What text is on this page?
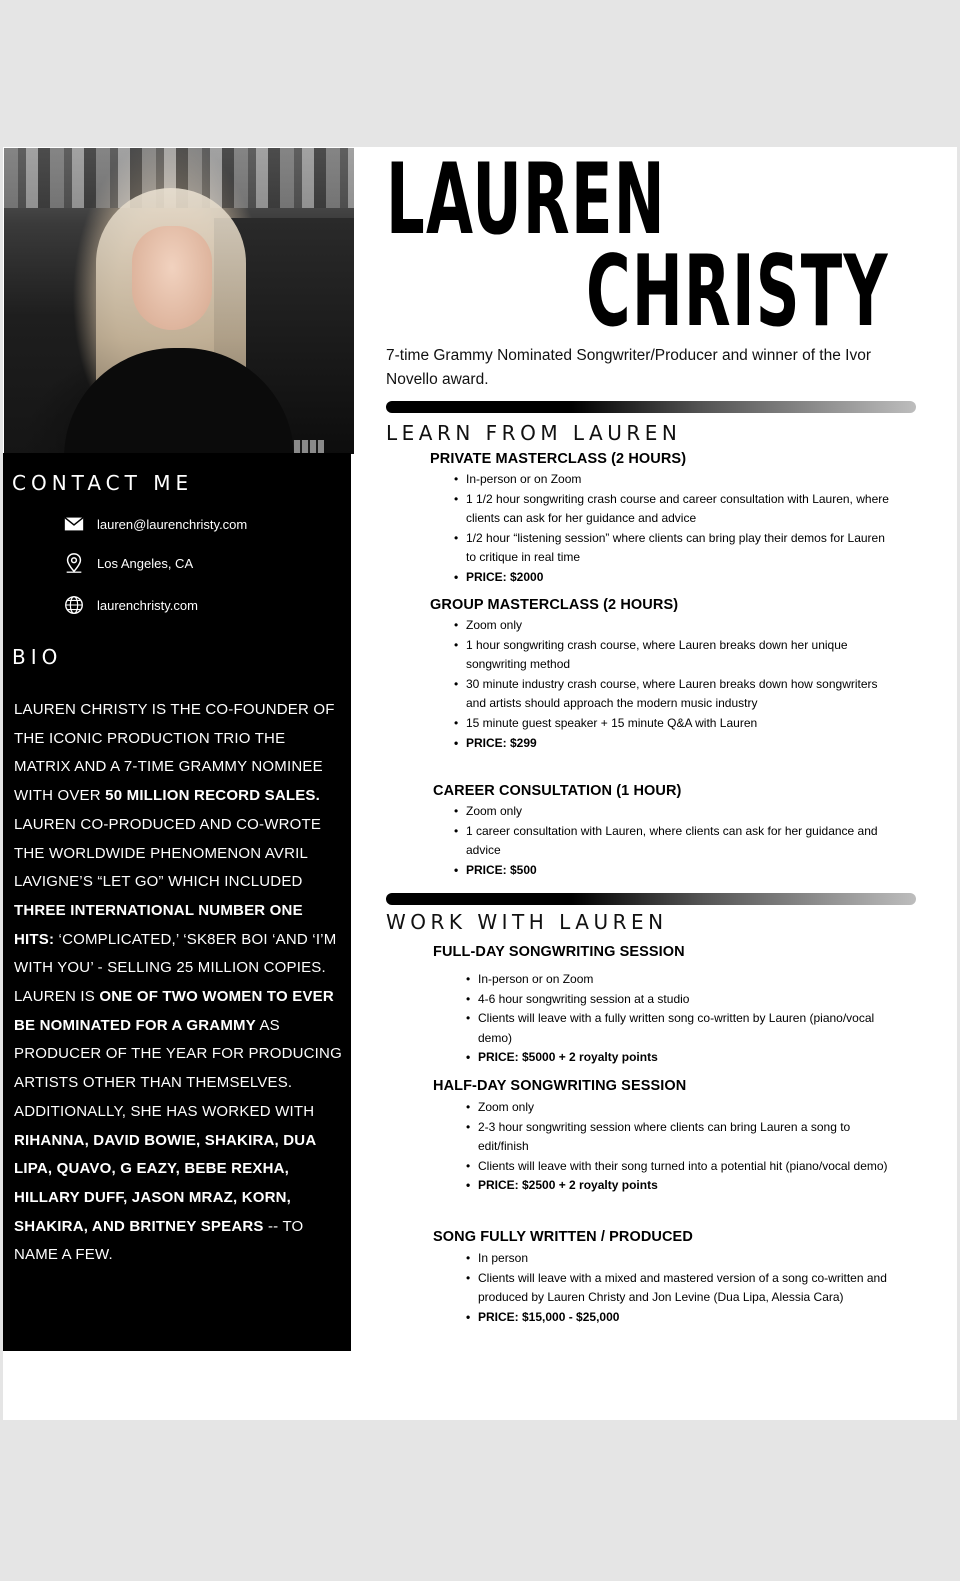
CONTACT ME
lauren@laurenchristy.com
Los Angeles, CA
laurenchristy.com
BIO
LAUREN CHRISTY IS THE CO-FOUNDER OF THE ICONIC PRODUCTION TRIO THE MATRIX AND A 7-TIME GRAMMY NOMINEE WITH OVER 50 MILLION RECORD SALES. LAUREN CO-PRODUCED AND CO-WROTE THE WORLDWIDE PHENOMENON AVRIL LAVIGNE’S “LET GO” WHICH INCLUDED THREE INTERNATIONAL NUMBER ONE HITS: ‘COMPLICATED,’ ‘SK8ER BOI ‘AND ‘I’M WITH YOU’ - SELLING 25 MILLION COPIES. LAUREN IS ONE OF TWO WOMEN TO EVER BE NOMINATED FOR A GRAMMY AS PRODUCER OF THE YEAR FOR PRODUCING ARTISTS OTHER THAN THEMSELVES. ADDITIONALLY, SHE HAS WORKED WITH RIHANNA, DAVID BOWIE, SHAKIRA, DUA LIPA, QUAVO, G EAZY, BEBE REXHA, HILLARY DUFF, JASON MRAZ, KORN, SHAKIRA, AND BRITNEY SPEARS -- TO NAME A FEW.
LAUREN
CHRISTY
7-time Grammy Nominated Songwriter/Producer and winner of the Ivor Novello award.
LEARN FROM LAUREN
PRIVATE MASTERCLASS (2 HOURS)
• In-person or on Zoom
• 1 1/2 hour songwriting crash course and career consultation with Lauren, where clients can ask for her guidance and advice
• 1/2 hour “listening session” where clients can bring play their demos for Lauren to critique in real time
• PRICE: $2000
GROUP MASTERCLASS (2 HOURS)
• Zoom only
• 1 hour songwriting crash course, where Lauren breaks down her unique songwriting method
• 30 minute industry crash course, where Lauren breaks down how songwriters and artists should approach the modern music industry
• 15 minute guest speaker + 15 minute Q&A with Lauren
• PRICE: $299
CAREER CONSULTATION (1 HOUR)
• Zoom only
• 1 career consultation with Lauren, where clients can ask for her guidance and advice
• PRICE: $500
WORK WITH LAUREN
FULL-DAY SONGWRITING SESSION
• In-person or on Zoom
• 4-6 hour songwriting session at a studio
• Clients will leave with a fully written song co-written by Lauren (piano/vocal demo)
• PRICE: $5000 + 2 royalty points
HALF-DAY SONGWRITING SESSION
• Zoom only
• 2-3 hour songwriting session where clients can bring Lauren a song to edit/finish
• Clients will leave with their song turned into a potential hit (piano/vocal demo)
• PRICE: $2500 + 2 royalty points
SONG FULLY WRITTEN / PRODUCED
• In person
• Clients will leave with a mixed and mastered version of a song co-written and produced by Lauren Christy and Jon Levine (Dua Lipa, Alessia Cara)
• PRICE: $15,000 - $25,000
